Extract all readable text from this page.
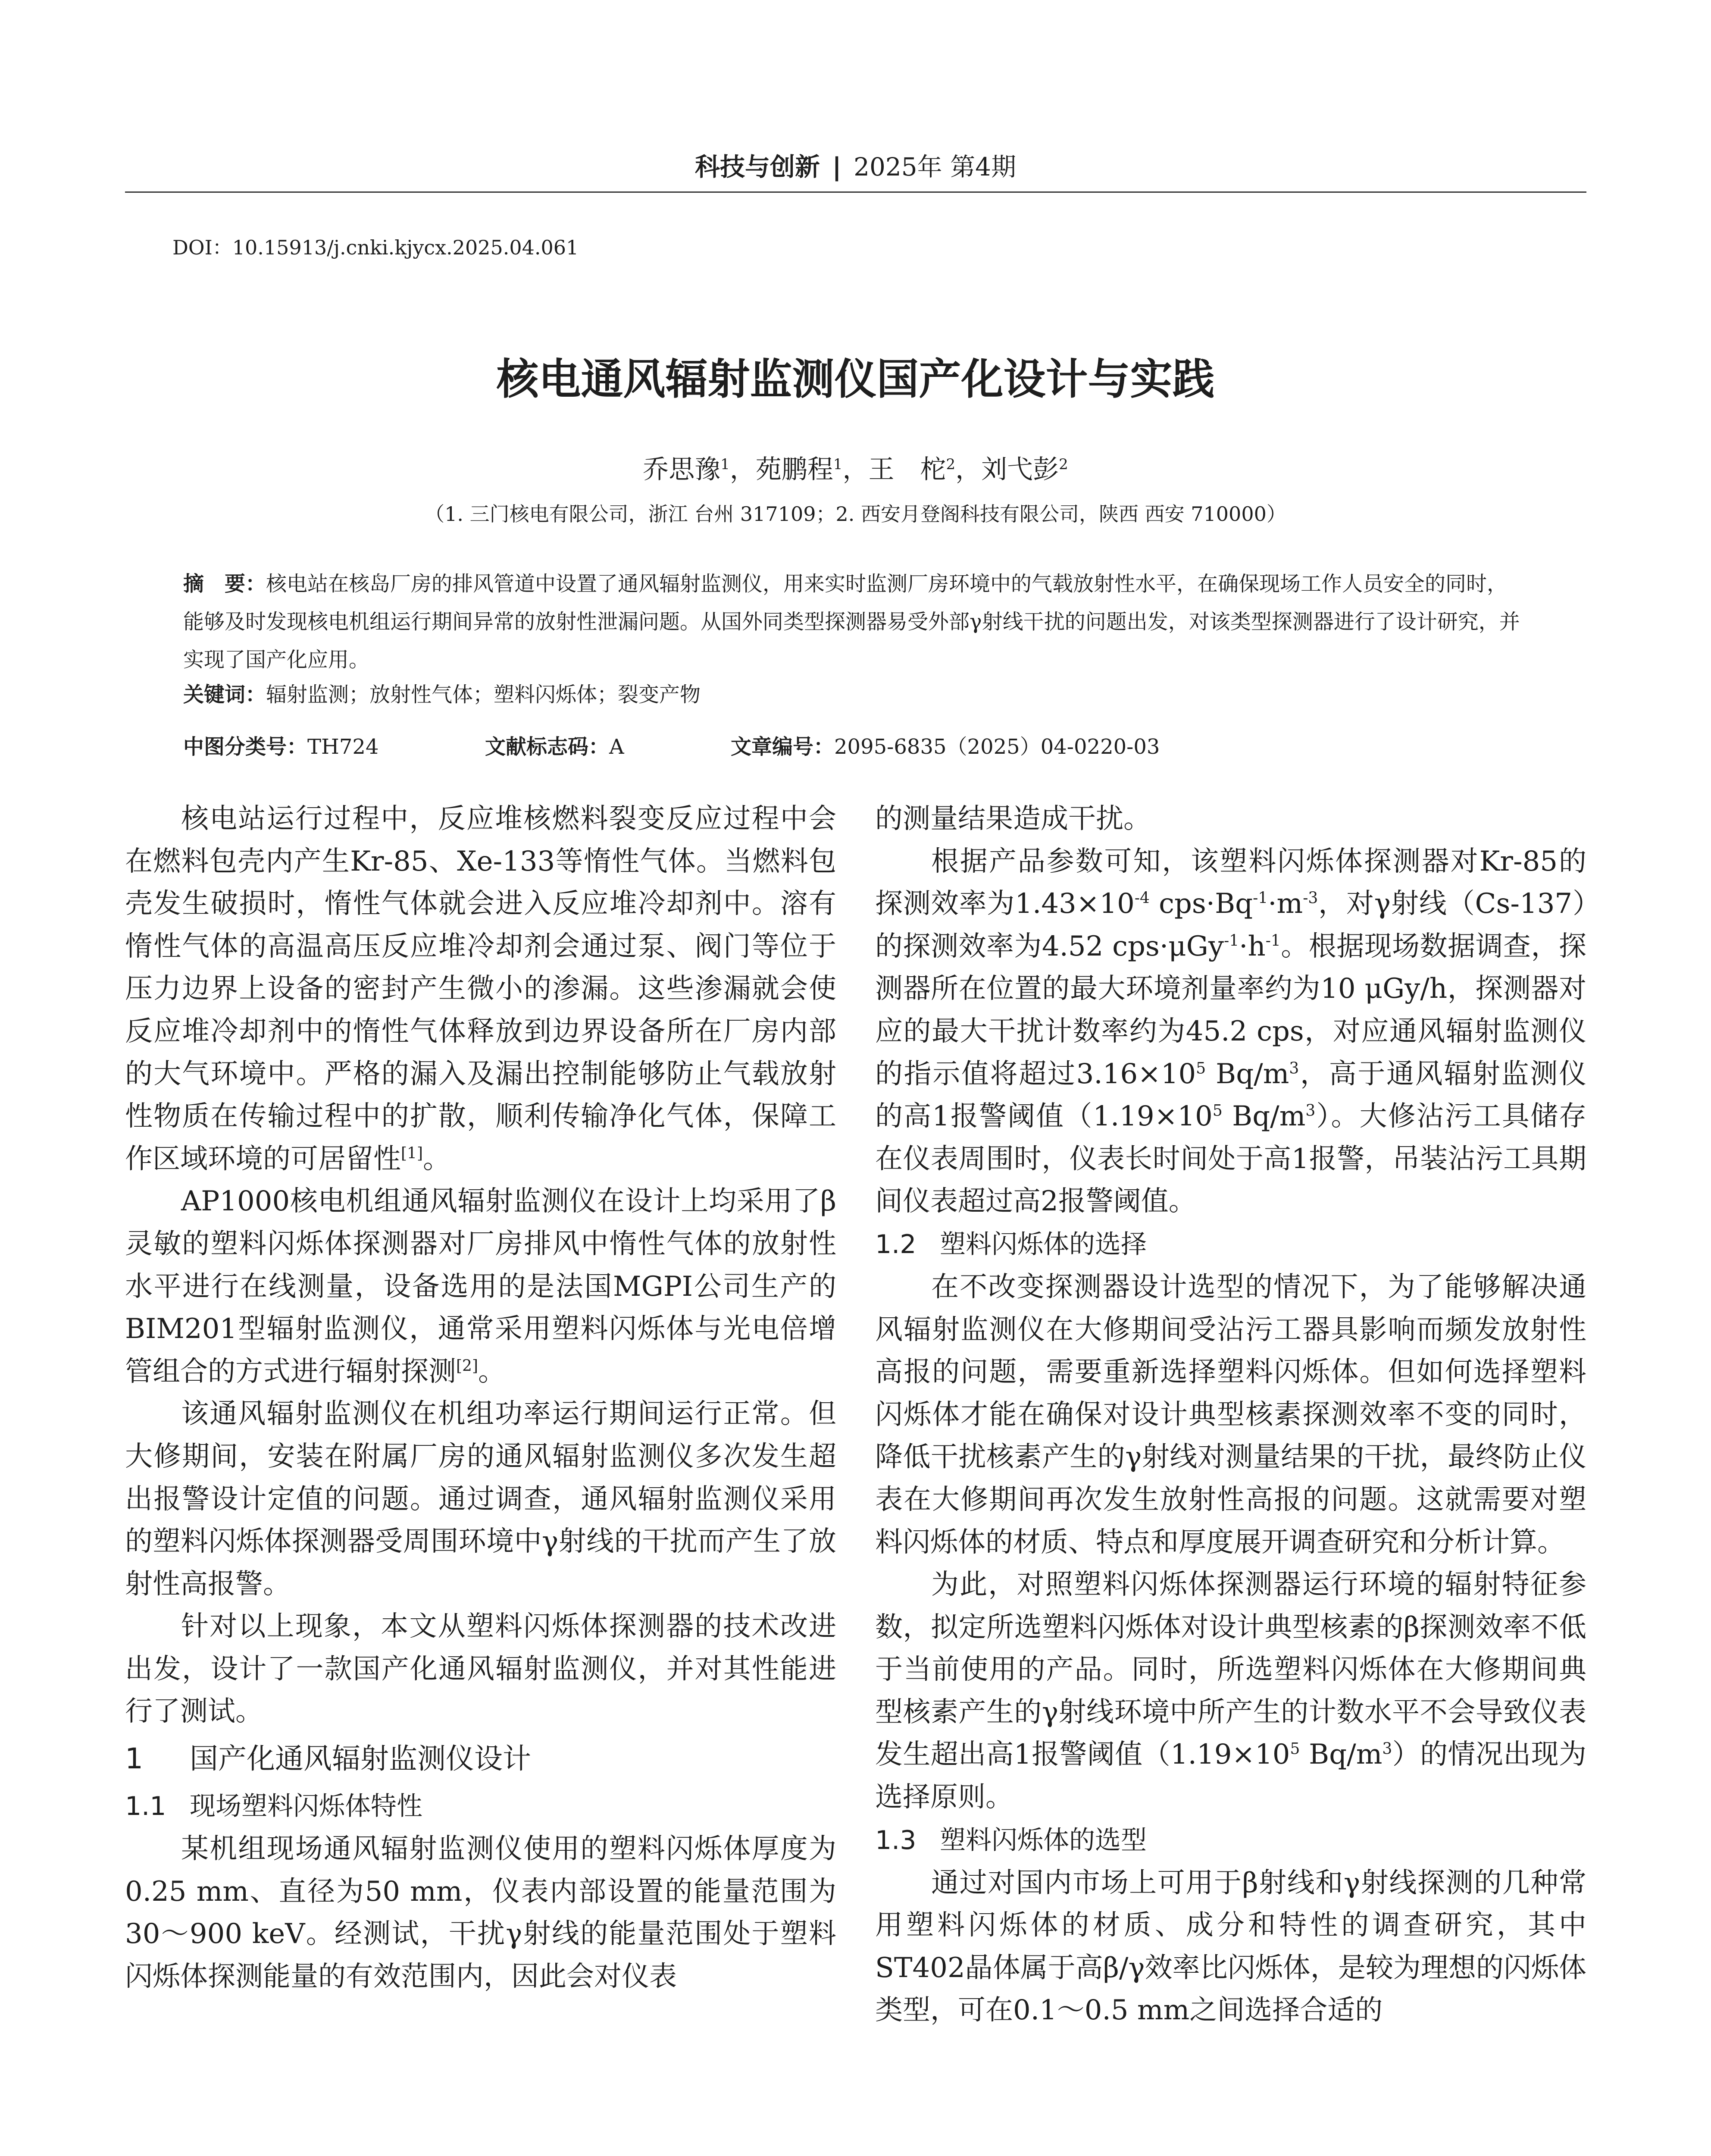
科技与创新 | 2025年 第4期
DOI：10.15913/j.cnki.kjycx.2025.04.061
核电通风辐射监测仪国产化设计与实践
乔思豫$^1$，苑鹏程$^1$，王　柁$^2$，刘弋彭$^2$
（1. 三门核电有限公司，浙江 台州 317109；2. 西安月登阁科技有限公司，陕西 西安 710000）
摘　要：核电站在核岛厂房的排风管道中设置了通风辐射监测仪，用来实时监测厂房环境中的气载放射性水平，在确保现场工作人员安全的同时，能够及时发现核电机组运行期间异常的放射性泄漏问题。从国外同类型探测器易受外部γ射线干扰的问题出发，对该类型探测器进行了设计研究，并实现了国产化应用。
关键词：辐射监测；放射性气体；塑料闪烁体；裂变产物
中图分类号：TH724	文献标志码：A	文章编号：2095-6835（2025）04-0220-03

核电站运行过程中，反应堆核燃料裂变反应过程中会在燃料包壳内产生Kr-85、Xe-133等惰性气体。当燃料包壳发生破损时，惰性气体就会进入反应堆冷却剂中。溶有惰性气体的高温高压反应堆冷却剂会通过泵、阀门等位于压力边界上设备的密封产生微小的渗漏。这些渗漏就会使反应堆冷却剂中的惰性气体释放到边界设备所在厂房内部的大气环境中。严格的漏入及漏出控制能够防止气载放射性物质在传输过程中的扩散，顺利传输净化气体，保障工作区域环境的可居留性[1]。

AP1000核电机组通风辐射监测仪在设计上均采用了β灵敏的塑料闪烁体探测器对厂房排风中惰性气体的放射性水平进行在线测量，设备选用的是法国MGPI公司生产的BIM201型辐射监测仪，通常采用塑料闪烁体与光电倍增管组合的方式进行辐射探测[2]。

该通风辐射监测仪在机组功率运行期间运行正常。但大修期间，安装在附属厂房的通风辐射监测仪多次发生超出报警设计定值的问题。通过调查，通风辐射监测仪采用的塑料闪烁体探测器受周围环境中γ射线的干扰而产生了放射性高报警。

针对以上现象，本文从塑料闪烁体探测器的技术改进出发，设计了一款国产化通风辐射监测仪，并对其性能进行了测试。

1 国产化通风辐射监测仪设计

1.1 现场塑料闪烁体特性

某机组现场通风辐射监测仪使用的塑料闪烁体厚度为0.25 mm、直径为50 mm，仪表内部设置的能量范围为30～900 keV。经测试，干扰γ射线的能量范围处于塑料闪烁体探测能量的有效范围内，因此会对仪表

的测量结果造成干扰。

根据产品参数可知，该塑料闪烁体探测器对Kr-85的探测效率为$1.43\times 10^{-4}$ $cps\cdot Bq^{-1}\cdot m^{-3}$，对γ射线（Cs-137）的探测效率为4.52 $cps\cdot\mu Gy^{-1}\cdot h^{-1}$。根据现场数据调查，探测器所在位置的最大环境剂量率约为10 μGy/h，探测器对应的最大干扰计数率约为45.2 cps，对应通风辐射监测仪的指示值将超过$3.16\times 10^5$ $Bq/m^3$，高于通风辐射监测仪的高1报警阈值（$1.19\times 10^5$ $Bq/m^3$）。大修沾污工具储存在仪表周围时，仪表长时间处于高1报警，吊装沾污工具期间仪表超过高2报警阈值。

1.2 塑料闪烁体的选择

在不改变探测器设计选型的情况下，为了能够解决通风辐射监测仪在大修期间受沾污工器具影响而频发放射性高报的问题，需要重新选择塑料闪烁体。但如何选择塑料闪烁体才能在确保对设计典型核素探测效率不变的同时，降低干扰核素产生的γ射线对测量结果的干扰，最终防止仪表在大修期间再次发生放射性高报的问题。这就需要对塑料闪烁体的材质、特点和厚度展开调查研究和分析计算。

为此，对照塑料闪烁体探测器运行环境的辐射特征参数，拟定所选塑料闪烁体对设计典型核素的β探测效率不低于当前使用的产品。同时，所选塑料闪烁体在大修期间典型核素产生的γ射线环境中所产生的计数水平不会导致仪表发生超出高1报警阈值（$1.19\times 10^5$ $Bq/m^3$）的情况出现为选择原则。

1.3 塑料闪烁体的选型

通过对国内市场上可用于β射线和γ射线探测的几种常用塑料闪烁体的材质、成分和特性的调查研究，其中ST402晶体属于高β/γ效率比闪烁体，是较为理想的闪烁体类型，可在0.1～0.5 mm之间选择合适的
